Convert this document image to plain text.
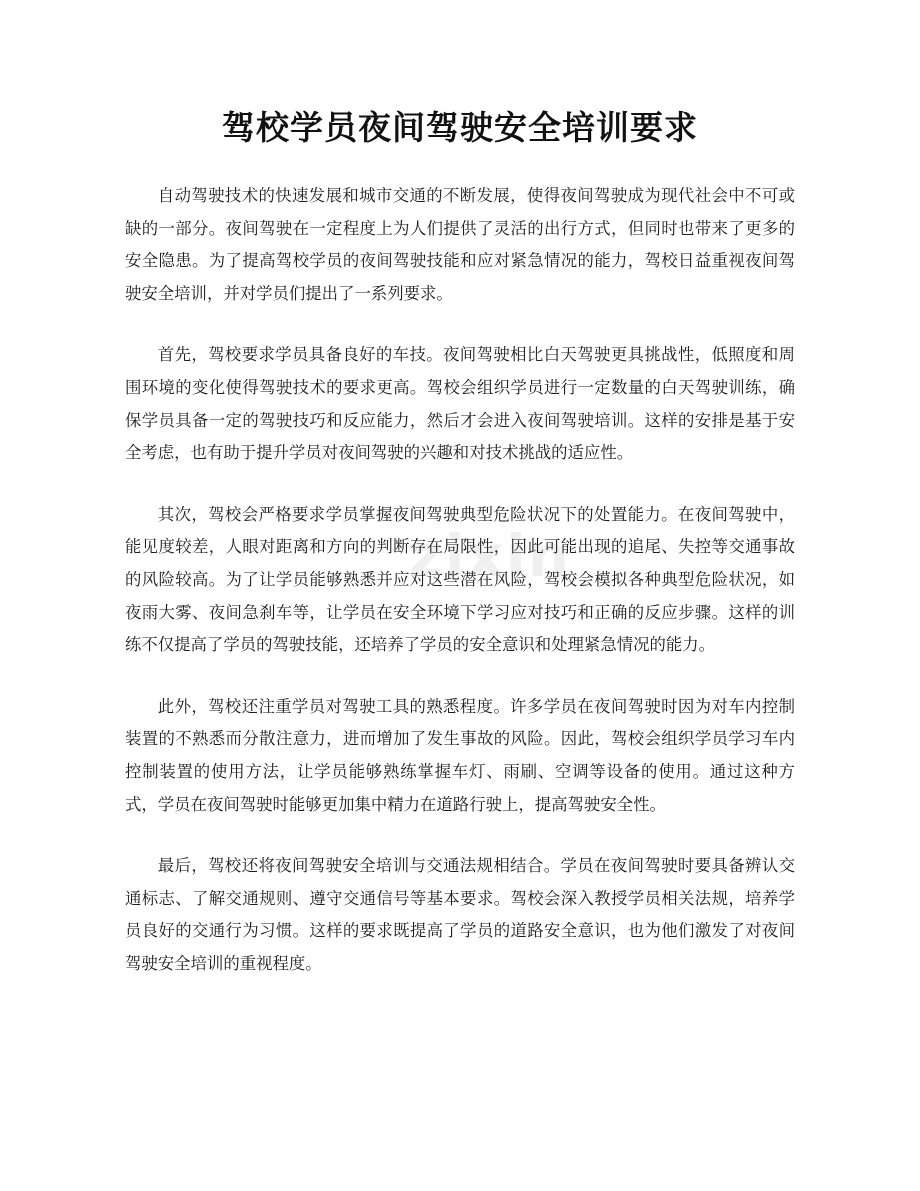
驾校学员夜间驾驶安全培训要求
zixin

自动驾驶技术的快速发展和城市交通的不断发展，使得夜间驾驶成为现代社会中不可或缺的一部分。夜间驾驶在一定程度上为人们提供了灵活的出行方式，但同时也带来了更多的安全隐患。为了提高驾校学员的夜间驾驶技能和应对紧急情况的能力，驾校日益重视夜间驾驶安全培训，并对学员们提出了一系列要求。

首先，驾校要求学员具备良好的车技。夜间驾驶相比白天驾驶更具挑战性，低照度和周围环境的变化使得驾驶技术的要求更高。驾校会组织学员进行一定数量的白天驾驶训练，确保学员具备一定的驾驶技巧和反应能力，然后才会进入夜间驾驶培训。这样的安排是基于安全考虑，也有助于提升学员对夜间驾驶的兴趣和对技术挑战的适应性。

其次，驾校会严格要求学员掌握夜间驾驶典型危险状况下的处置能力。在夜间驾驶中，能见度较差，人眼对距离和方向的判断存在局限性，因此可能出现的追尾、失控等交通事故的风险较高。为了让学员能够熟悉并应对这些潜在风险，驾校会模拟各种典型危险状况，如夜雨大雾、夜间急刹车等，让学员在安全环境下学习应对技巧和正确的反应步骤。这样的训练不仅提高了学员的驾驶技能，还培养了学员的安全意识和处理紧急情况的能力。

此外，驾校还注重学员对驾驶工具的熟悉程度。许多学员在夜间驾驶时因为对车内控制装置的不熟悉而分散注意力，进而增加了发生事故的风险。因此，驾校会组织学员学习车内控制装置的使用方法，让学员能够熟练掌握车灯、雨刷、空调等设备的使用。通过这种方式，学员在夜间驾驶时能够更加集中精力在道路行驶上，提高驾驶安全性。

最后，驾校还将夜间驾驶安全培训与交通法规相结合。学员在夜间驾驶时要具备辨认交通标志、了解交通规则、遵守交通信号等基本要求。驾校会深入教授学员相关法规，培养学员良好的交通行为习惯。这样的要求既提高了学员的道路安全意识，也为他们激发了对夜间驾驶安全培训的重视程度。
